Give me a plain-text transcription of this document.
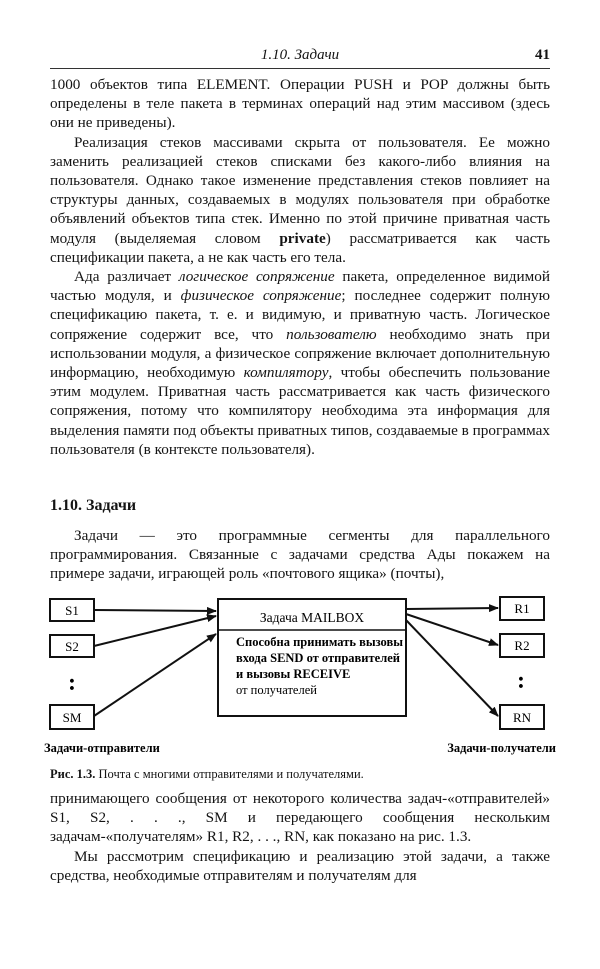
1.10. Задачи	41

1000 объектов типа ELEMENT. Операции PUSH и POP должны быть определены в теле пакета в терминах операций над этим массивом (здесь они не приведены).

Реализация стеков массивами скрыта от пользователя. Ее можно заменить реализацией стеков списками без какого-либо влияния на пользователя. Однако такое изменение представления стеков повлияет на структуры данных, создаваемых в модулях пользователя при обработке объявлений объектов типа стек. Именно по этой причине приватная часть модуля (выделяемая словом private) рассматривается как часть спецификации пакета, а не как часть его тела.

Ада различает логическое сопряжение пакета, определенное видимой частью модуля, и физическое сопряжение; последнее содержит полную спецификацию пакета, т. е. и видимую, и приватную часть. Логическое сопряжение содержит все, что пользователю необходимо знать при использовании модуля, а физическое сопряжение включает дополнительную информацию, необходимую компилятору, чтобы обеспечить пользование этим модулем. Приватная часть рассматривается как часть физического сопряжения, потому что компилятору необходима эта информация для выделения памяти под объекты приватных типов, создаваемые в программах пользователя (в контексте пользователя).

1.10. Задачи

Задачи — это программные сегменты для параллельного программирования. Связанные с задачами средства Ады покажем на примере задачи, играющей роль «почтового ящика» (почты),

S1
S2
:
SM
Задача MAILBOX
Способна принимать вызовы
входа SEND от отправителей
и вызовы RECEIVE
от получателей
R1
R2
:
RN
Задачи-отправители	Задачи-получатели
Рис. 1.3. Почта с многими отправителями и получателями.

принимающего сообщения от некоторого количества задач-«отправителей» S1, S2, . . ., SM и передающего сообщения нескольким задачам-«получателям» R1, R2, . . ., RN, как показано на рис. 1.3.

Мы рассмотрим спецификацию и реализацию этой задачи, а также средства, необходимые отправителям и получателям для
